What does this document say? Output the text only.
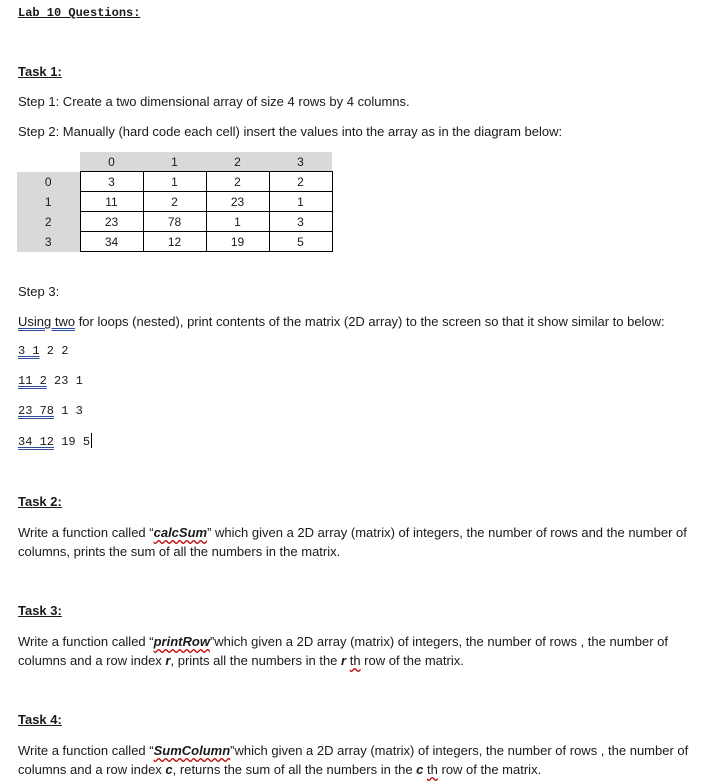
Lab 10 Questions:
Task 1:
Step 1: Create a two dimensional array of size 4 rows by 4 columns.
Step 2: Manually (hard code each cell) insert the values into the array as in the diagram below:
	0	1	2	3
0	3	1	2	2
1	11	2	23	1
2	23	78	1	3
3	34	12	19	5
Step 3:
Using two for loops (nested), print contents of the matrix (2D array) to the screen so that it show similar to below:
3 1 2 2
11 2 23 1
23 78 1 3
34 12 19 5
Task 2:
Write a function called “calcSum” which given a 2D array (matrix) of integers, the number of rows and the number of columns, prints the sum of all the numbers in the matrix.
Task 3:
Write a function called “printRow”which given a 2D array (matrix) of integers, the number of rows , the number of columns and a row index r, prints all the numbers in the r th row of the matrix.
Task 4:
Write a function called “SumColumn”which given a 2D array (matrix) of integers, the number of rows , the number of columns and a row index c, returns the sum of all the numbers in the c th row of the matrix.
